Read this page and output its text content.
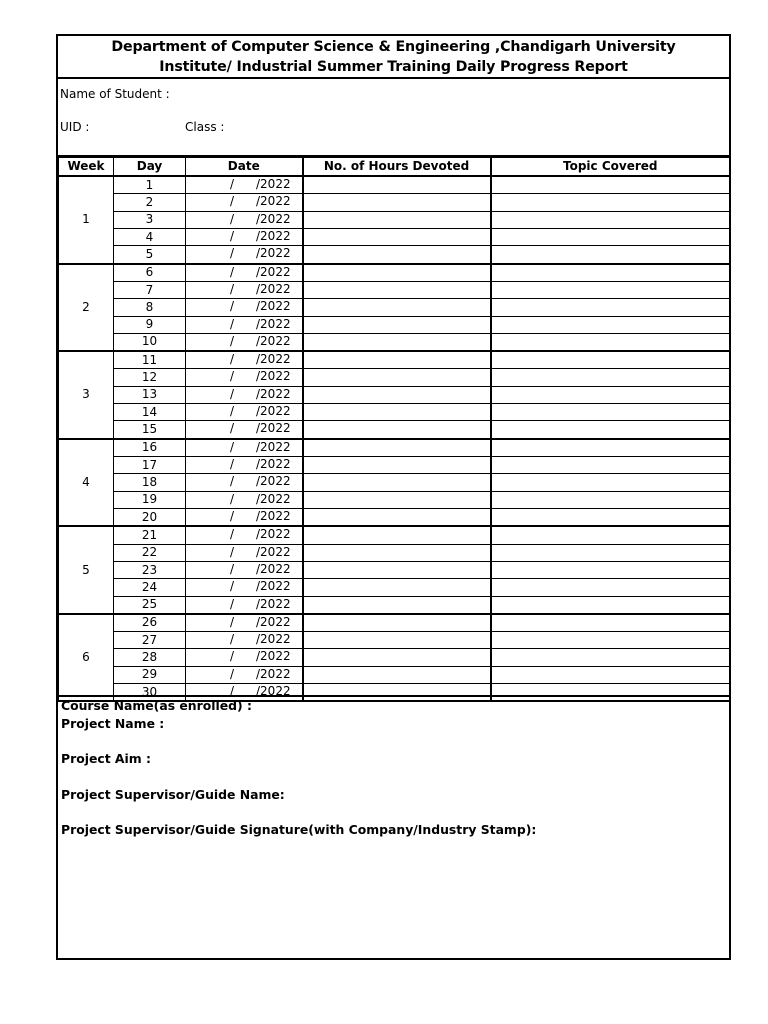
Department of Computer Science & Engineering ,Chandigarh University
Institute/ Industrial Summer Training Daily Progress Report
Name of Student :
UID :	Class :
Week	Day	Date	No. of Hours Devoted	Topic Covered
1	1	/ /2022		

	2	/ /2022		

	3	/ /2022		

	4	/ /2022		

	5	/ /2022		

2	6	/ /2022		

	7	/ /2022		

	8	/ /2022		

	9	/ /2022		

	10	/ /2022		

3	11	/ /2022		

	12	/ /2022		

	13	/ /2022		

	14	/ /2022		

	15	/ /2022		

4	16	/ /2022		

	17	/ /2022		

	18	/ /2022		

	19	/ /2022		

	20	/ /2022		

5	21	/ /2022		

	22	/ /2022		

	23	/ /2022		

	24	/ /2022		

	25	/ /2022		

6	26	/ /2022		

	27	/ /2022		

	28	/ /2022		

	29	/ /2022		

	30	/ /2022		

Course Name(as enrolled) :
Project Name :
Project Aim :
Project Supervisor/Guide Name:
Project Supervisor/Guide Signature(with Company/Industry Stamp):
